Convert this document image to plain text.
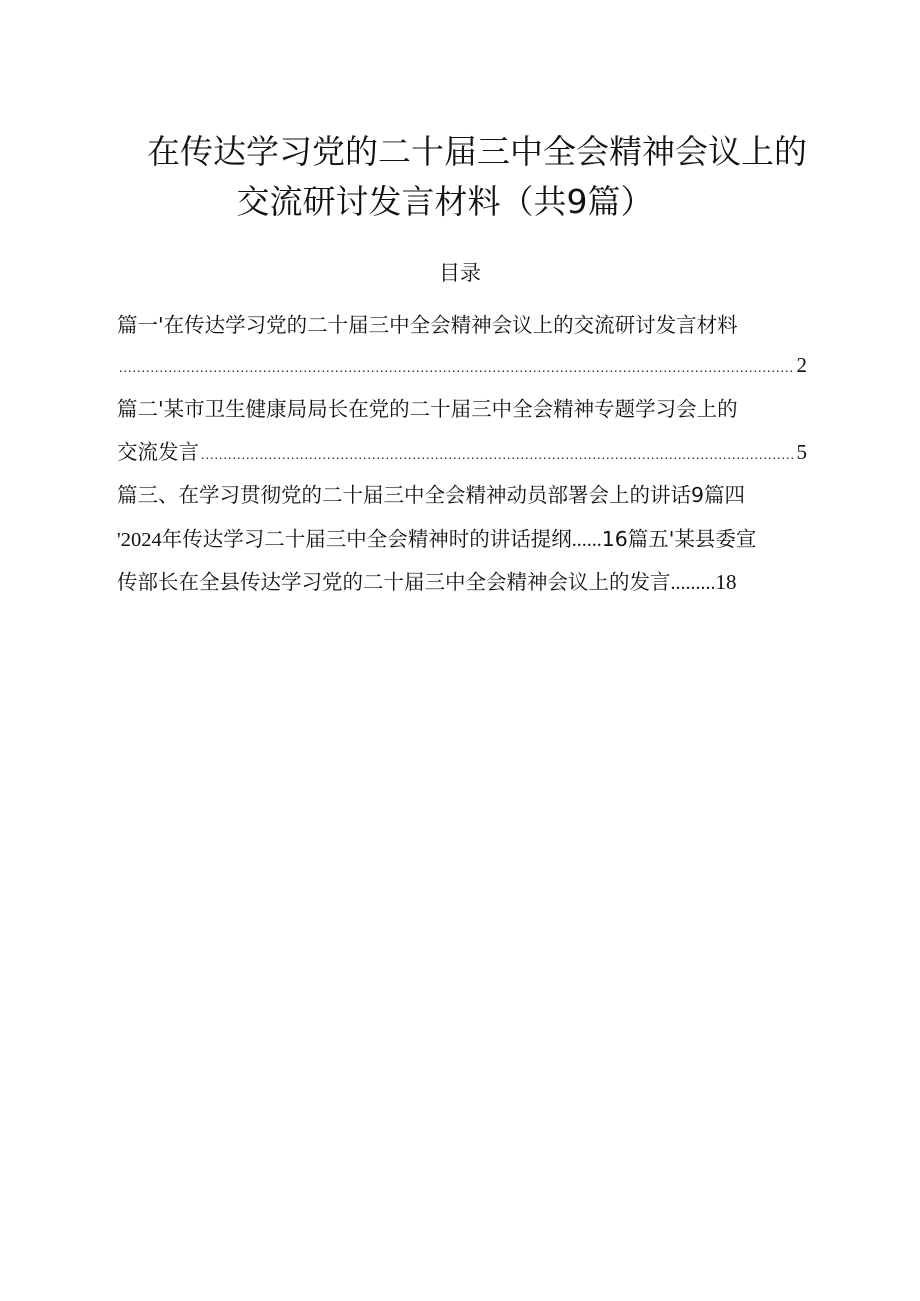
在传达学习党的二十届三中全会精神会议上的
交流研讨发言材料（共9篇）
目录
篇一'在传达学习党的二十届三中全会精神会议上的交流研讨发言材料
.....
2
篇二'某市卫生健康局局长在党的二十届三中全会精神专题学习会上的
交流发言
.....	5
篇三、在学习贯彻党的二十届三中全会精神动员部署会上的讲话9篇四
'2024年传达学习二十届三中全会精神时的讲话提纲......16篇五'某县委宣
传部长在全县传达学习党的二十届三中全会精神会议上的发言.........18
